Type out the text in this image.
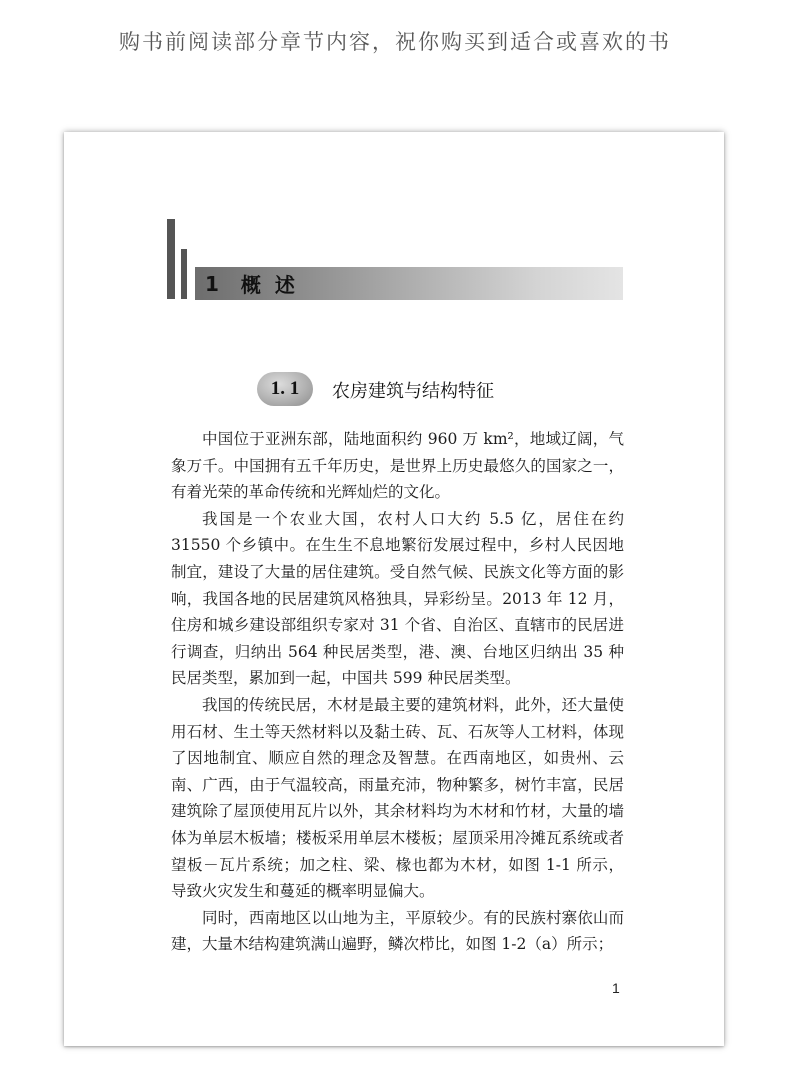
购书前阅读部分章节内容，祝你购买到适合或喜欢的书
1 概述
1. 1	农房建筑与结构特征

中国位于亚洲东部，陆地面积约 960 万 km²，地域辽阔，气象万千。中国拥有五千年历史，是世界上历史最悠久的国家之一，有着光荣的革命传统和光辉灿烂的文化。

我国是一个农业大国，农村人口大约 5.5 亿，居住在约 31550 个乡镇中。在生生不息地繁衍发展过程中，乡村人民因地制宜，建设了大量的居住建筑。受自然气候、民族文化等方面的影响，我国各地的民居建筑风格独具，异彩纷呈。2013 年 12 月，住房和城乡建设部组织专家对 31 个省、自治区、直辖市的民居进行调查，归纳出 564 种民居类型，港、澳、台地区归纳出 35 种民居类型，累加到一起，中国共 599 种民居类型。

我国的传统民居，木材是最主要的建筑材料，此外，还大量使用石材、生土等天然材料以及黏土砖、瓦、石灰等人工材料，体现了因地制宜、顺应自然的理念及智慧。在西南地区，如贵州、云南、广西，由于气温较高，雨量充沛，物种繁多，树竹丰富，民居建筑除了屋顶使用瓦片以外，其余材料均为木材和竹材，大量的墙体为单层木板墙；楼板采用单层木楼板；屋顶采用冷摊瓦系统或者望板－瓦片系统；加之柱、梁、椽也都为木材，如图 1-1 所示，导致火灾发生和蔓延的概率明显偏大。

同时，西南地区以山地为主，平原较少。有的民族村寨依山而建，大量木结构建筑满山遍野，鳞次栉比，如图 1-2（a）所示；

1
